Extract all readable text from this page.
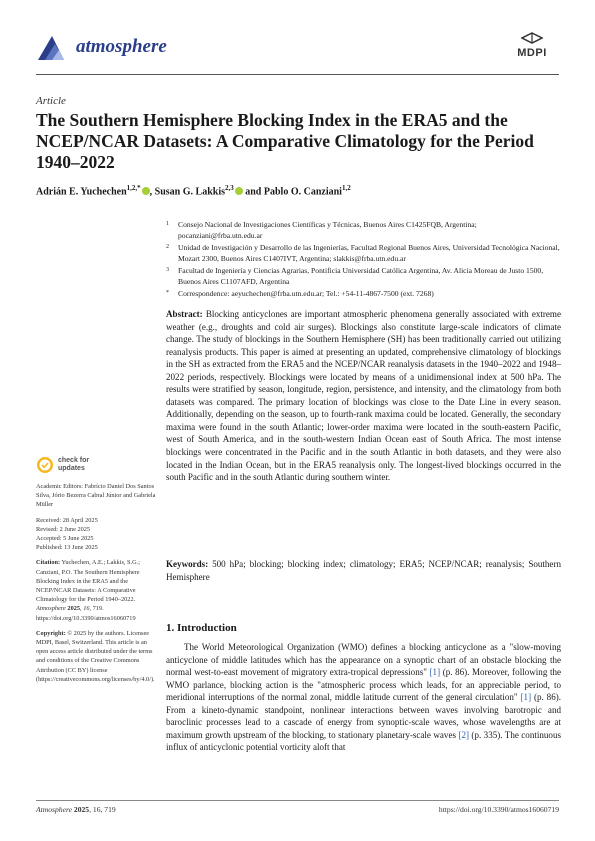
atmosphere	MDPI
Article
The Southern Hemisphere Blocking Index in the ERA5 and the NCEP/NCAR Datasets: A Comparative Climatology for the Period 1940–2022
Adrián E. Yuchechen$^{1,2,*}$ , Susan G. Lakkis$^{2,3}$ and Pablo O. Canziani$^{1,2}$
1	Consejo Nacional de Investigaciones Científicas y Técnicas, Buenos Aires C1425FQB, Argentina; pocanziani@frba.utn.edu.ar
2	Unidad de Investigación y Desarrollo de las Ingenierías, Facultad Regional Buenos Aires, Universidad Tecnológica Nacional, Mozart 2300, Buenos Aires C1407IVT, Argentina; slakkis@frba.utn.edu.ar
3	Facultad de Ingeniería y Ciencias Agrarias, Pontificia Universidad Católica Argentina, Av. Alicia Moreau de Justo 1500, Buenos Aires C1107AFD, Argentina
*	Correspondence: aeyuchechen@frba.utn.edu.ar; Tel.: +54-11-4867-7500 (ext. 7268)
Abstract: Blocking anticyclones are important atmospheric phenomena generally associated with extreme weather (e.g., droughts and cold air surges). Blockings also constitute large-scale indicators of climate change. The study of blockings in the Southern Hemisphere (SH) has been traditionally carried out utilizing reanalysis products. This paper is aimed at presenting an updated, comprehensive climatology of blockings in the SH as extracted from the ERA5 and the NCEP/NCAR reanalysis datasets in the 1940–2022 and 1948–2022 periods, respectively. Blockings were located by means of a unidimensional index at 500 hPa. The results were stratified by season, longitude, region, persistence, and intensity, and the climatology from both datasets was compared. The primary location of blockings was close to the Date Line in every season. Additionally, depending on the season, up to fourth-rank maxima could be located. Generally, the secondary maxima were found in the south Atlantic; lower-order maxima were located in the south-eastern Pacific, west of South America, and in the south-western Indian Ocean east of South Africa. The most intense blockings were concentrated in the Pacific and in the south Atlantic in both datasets, and they were also located in the Indian Ocean, but in the ERA5 reanalysis only. The longest-lived blockings occurred in the south Pacific and in the south Atlantic during southern winter.
Keywords: 500 hPa; blocking; blocking index; climatology; ERA5; NCEP/NCAR; reanalysis; Southern Hemisphere
check for
updates
Academic Editors: Fabrício Daniel Dos Santos Silva, Jório Bezerra Cabral Júnior and Gabriela Müller

Received: 28 April 2025

Revised: 2 June 2025

Accepted: 5 June 2025

Published: 13 June 2025

Citation: Yuchechen, A.E.; Lakkis, S.G.; Canziani, P.O. The Southern Hemisphere Blocking Index in the ERA5 and the NCEP/NCAR Datasets: A Comparative Climatology for the Period 1940–2022. Atmosphere 2025, 16, 719. https://doi.org/10.3390/atmos16060719
Copyright: © 2025 by the authors. Licensee MDPI, Basel, Switzerland. This article is an open access article distributed under the terms and conditions of the Creative Commons Attribution (CC BY) license (https://creativecommons.org/licenses/by/4.0/).
1. Introduction
The World Meteorological Organization (WMO) defines a blocking anticyclone as a "slow-moving anticyclone of middle latitudes which has the appearance on a synoptic chart of an obstacle blocking the normal west-to-east movement of migratory extra-tropical depressions" [1] (p. 86). Moreover, following the WMO parlance, blocking action is the "atmospheric process which leads, for an appreciable period, to meridional interruptions of the normal zonal, middle latitude current of the general circulation" [1] (p. 86). From a kineto-dynamic standpoint, nonlinear interactions between waves involving barotropic and baroclinic processes lead to a cascade of energy from synoptic-scale waves, whose wavelengths are at maximum growth upstream of the blocking, to stationary planetary-scale waves [2] (p. 335). The continuous influx of anticyclonic potential vorticity aloft that
Atmosphere 2025, 16, 719	https://doi.org/10.3390/atmos16060719
